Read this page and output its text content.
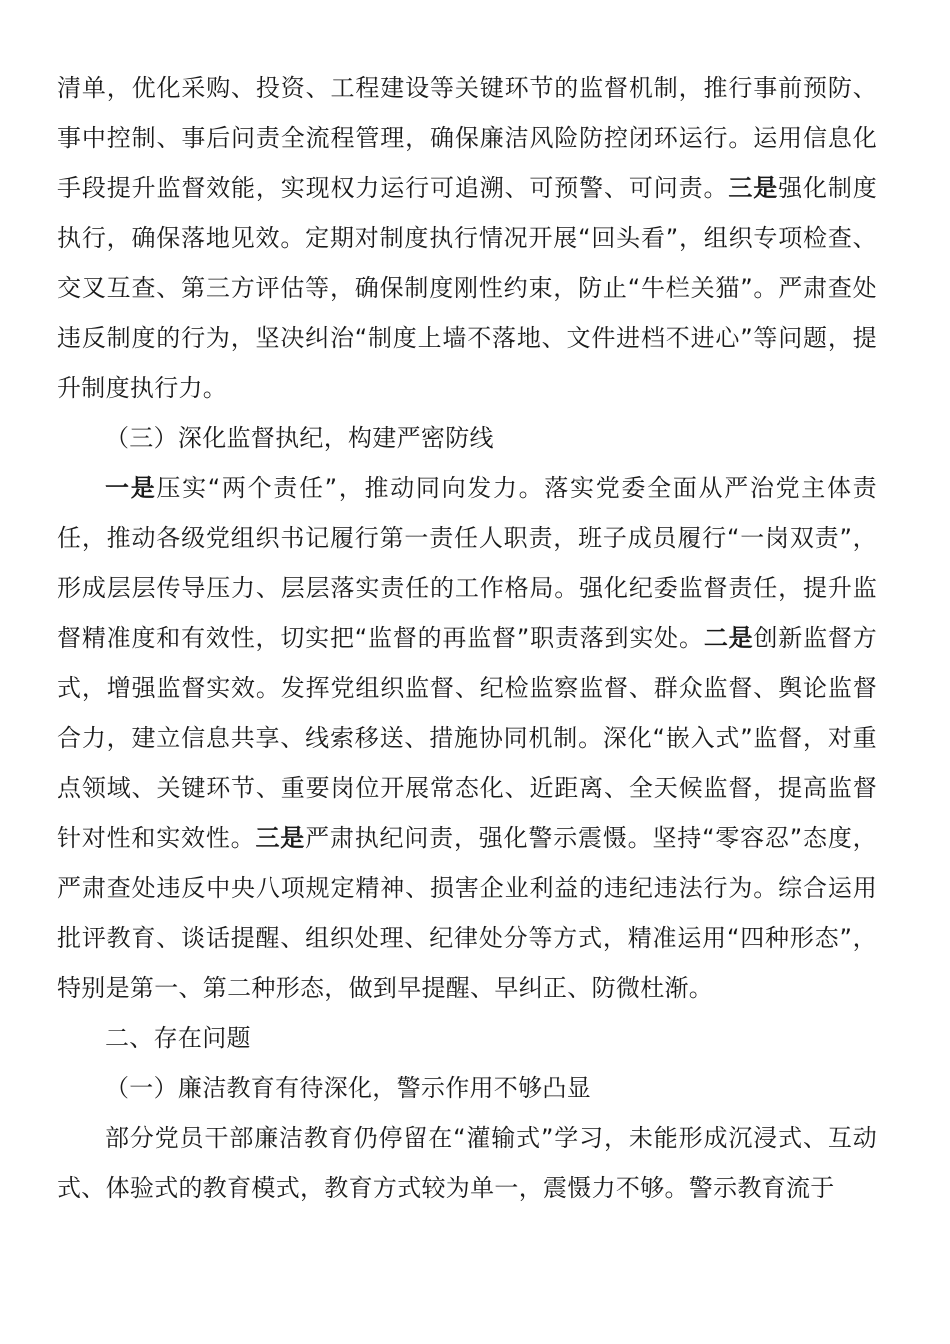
清单，优化采购、投资、工程建设等关键环节的监督机制，推行事前预防、事中控制、事后问责全流程管理，确保廉洁风险防控闭环运行。运用信息化手段提升监督效能，实现权力运行可追溯、可预警、可问责。三是强化制度执行，确保落地见效。定期对制度执行情况开展“回头看”，组织专项检查、交叉互查、第三方评估等，确保制度刚性约束，防止“牛栏关猫”。严肃查处违反制度的行为，坚决纠治“制度上墙不落地、文件进档不进心”等问题，提升制度执行力。

（三）深化监督执纪，构建严密防线

一是压实“两个责任”，推动同向发力。落实党委全面从严治党主体责任，推动各级党组织书记履行第一责任人职责，班子成员履行“一岗双责”，形成层层传导压力、层层落实责任的工作格局。强化纪委监督责任，提升监督精准度和有效性，切实把“监督的再监督”职责落到实处。二是创新监督方式，增强监督实效。发挥党组织监督、纪检监察监督、群众监督、舆论监督合力，建立信息共享、线索移送、措施协同机制。深化“嵌入式”监督，对重点领域、关键环节、重要岗位开展常态化、近距离、全天候监督，提高监督针对性和实效性。三是严肃执纪问责，强化警示震慑。坚持“零容忍”态度，严肃查处违反中央八项规定精神、损害企业利益的违纪违法行为。综合运用批评教育、谈话提醒、组织处理、纪律处分等方式，精准运用“四种形态”，特别是第一、第二种形态，做到早提醒、早纠正、防微杜渐。

二、存在问题

（一）廉洁教育有待深化，警示作用不够凸显

部分党员干部廉洁教育仍停留在“灌输式”学习，未能形成沉浸式、互动式、体验式的教育模式，教育方式较为单一，震慑力不够。警示教育流于
